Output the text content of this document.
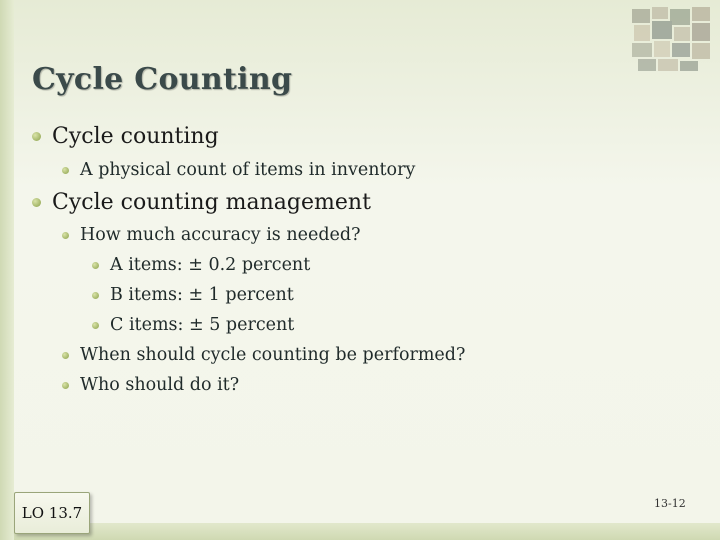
Cycle Counting
Cycle counting
A physical count of items in inventory
Cycle counting management
How much accuracy is needed?
A items: ± 0.2 percent
B items: ± 1 percent
C items: ± 5 percent
When should cycle counting be performed?
Who should do it?
LO 13.7
13-12
